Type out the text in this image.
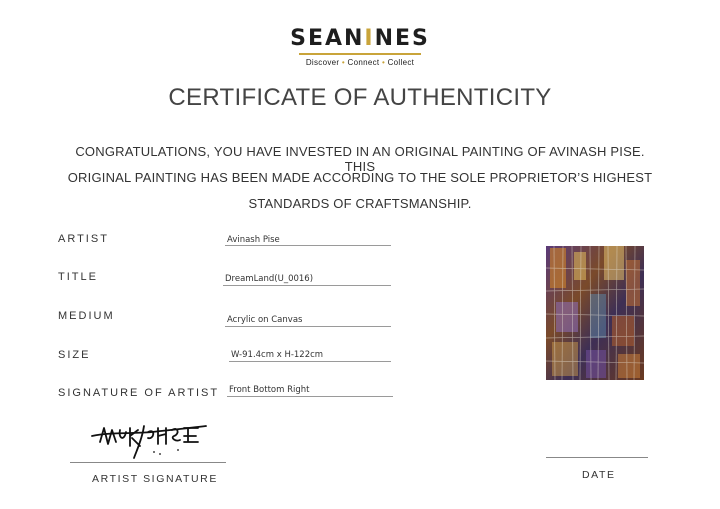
SEANINES
Discover • Connect • Collect
CERTIFICATE OF AUTHENTICITY
CONGRATULATIONS, YOU HAVE INVESTED IN AN ORIGINAL PAINTING OF AVINASH PISE. THIS
ORIGINAL PAINTING HAS BEEN MADE ACCORDING TO THE SOLE PROPRIETOR’S HIGHEST
STANDARDS OF CRAFTSMANSHIP.
ARTIST	Avinash Pise
TITLE	DreamLand(U_0016)
MEDIUM	Acrylic on Canvas
SIZE	W-91.4cm x H-122cm
SIGNATURE OF ARTIST Front Bottom Right
ARTIST SIGNATURE	DATE
